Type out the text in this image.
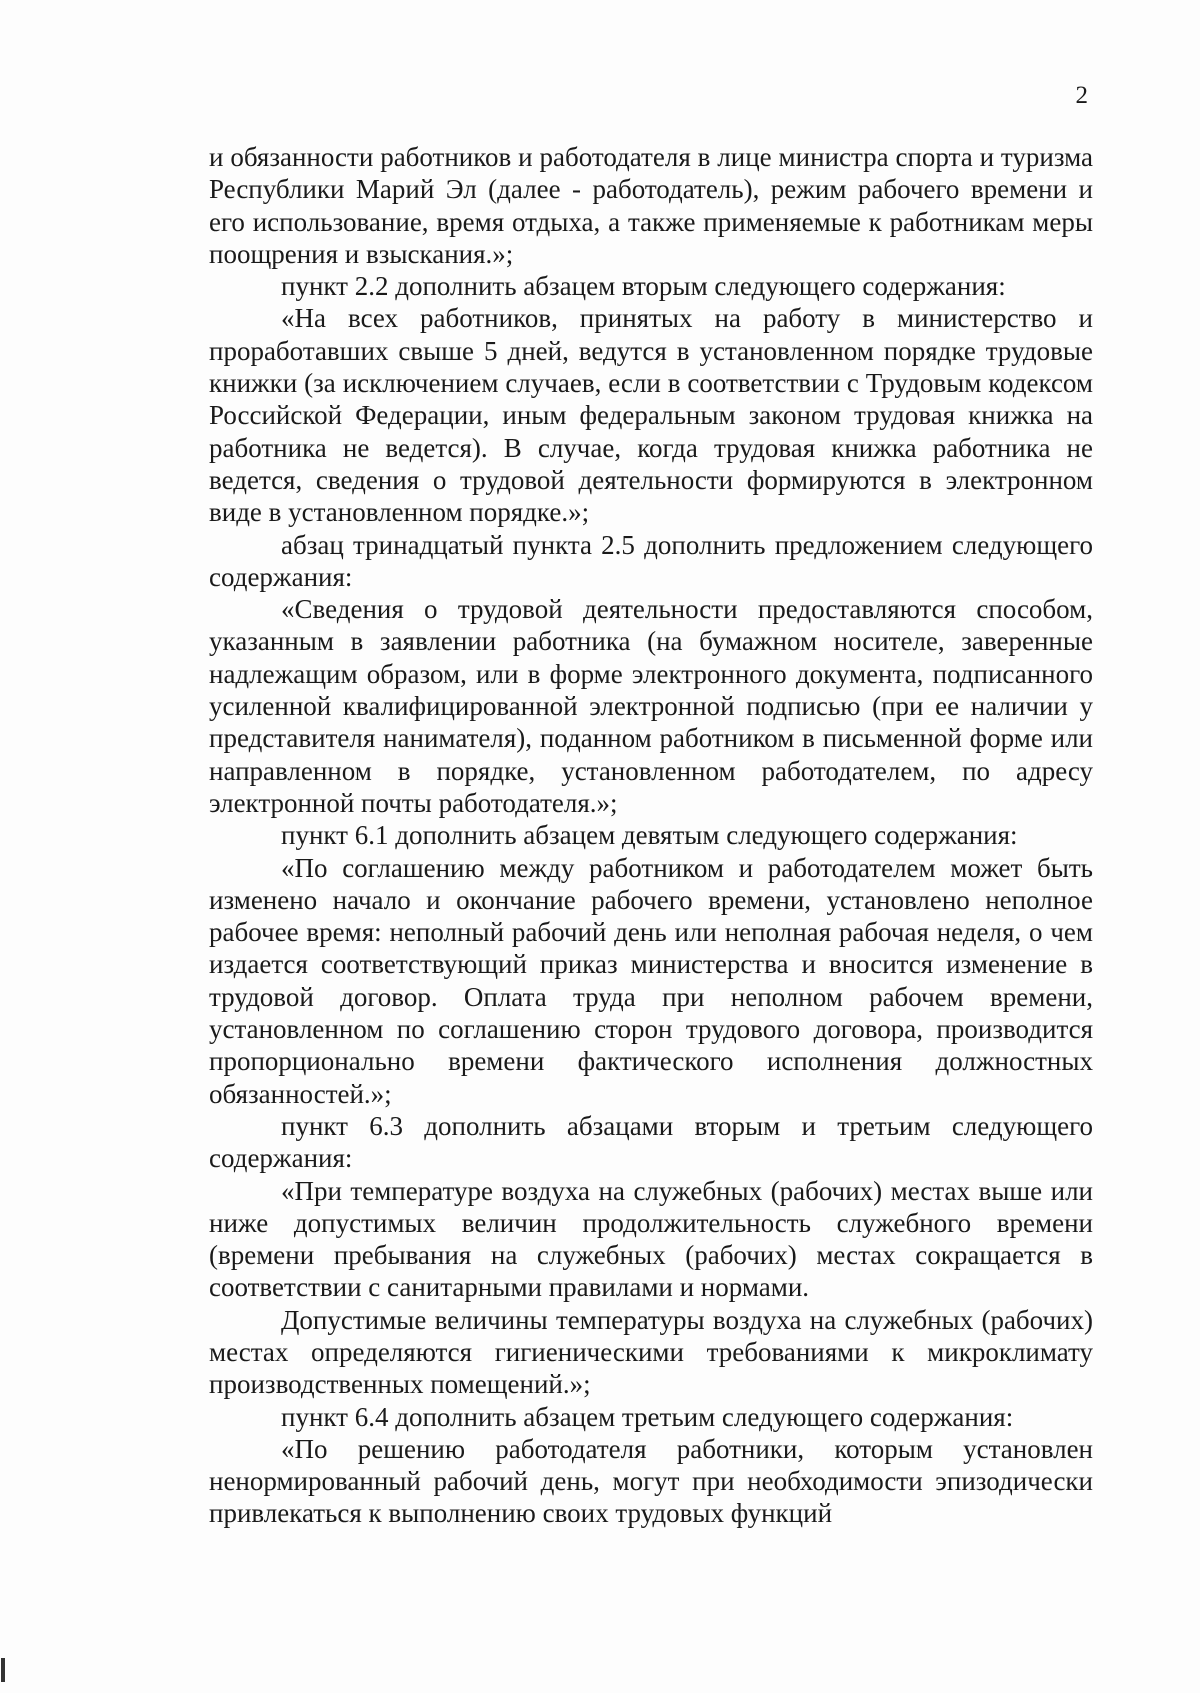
2

и обязанности работников и работодателя в лице министра спорта и туризма Республики Марий Эл (далее - работодатель), режим рабочего времени и его использование, время отдыха, а также применяемые к работникам меры поощрения и взыскания.»;

пункт 2.2 дополнить абзацем вторым следующего содержания:

«На всех работников, принятых на работу в министерство и проработавших свыше 5 дней, ведутся в установленном порядке трудовые книжки (за исключением случаев, если в соответствии с Трудовым кодексом Российской Федерации, иным федеральным законом трудовая книжка на работника не ведется). В случае, когда трудовая книжка работника не ведется, сведения о трудовой деятельности формируются в электронном виде в установленном порядке.»;

абзац тринадцатый пункта 2.5 дополнить предложением следующего содержания:

«Сведения о трудовой деятельности предоставляются способом, указанным в заявлении работника (на бумажном носителе, заверенные надлежащим образом, или в форме электронного документа, подписанного усиленной квалифицированной электронной подписью (при ее наличии у представителя нанимателя), поданном работником в письменной форме или направленном в порядке, установленном работодателем, по адресу электронной почты работодателя.»;

пункт 6.1 дополнить абзацем девятым следующего содержания:

«По соглашению между работником и работодателем может быть изменено начало и окончание рабочего времени, установлено неполное рабочее время: неполный рабочий день или неполная рабочая неделя, о чем издается соответствующий приказ министерства и вносится изменение в трудовой договор. Оплата труда при неполном рабочем времени, установленном по соглашению сторон трудового договора, производится пропорционально времени фактического исполнения должностных обязанностей.»;

пункт 6.3 дополнить абзацами вторым и третьим следующего содержания:

«При температуре воздуха на служебных (рабочих) местах выше или ниже допустимых величин продолжительность служебного времени (времени пребывания на служебных (рабочих) местах сокращается в соответствии с санитарными правилами и нормами.

Допустимые величины температуры воздуха на служебных (рабочих) местах определяются гигиеническими требованиями к микроклимату производственных помещений.»;

пункт 6.4 дополнить абзацем третьим следующего содержания:

«По решению работодателя работники, которым установлен ненормированный рабочий день, могут при необходимости эпизодически привлекаться к выполнению своих трудовых функций
